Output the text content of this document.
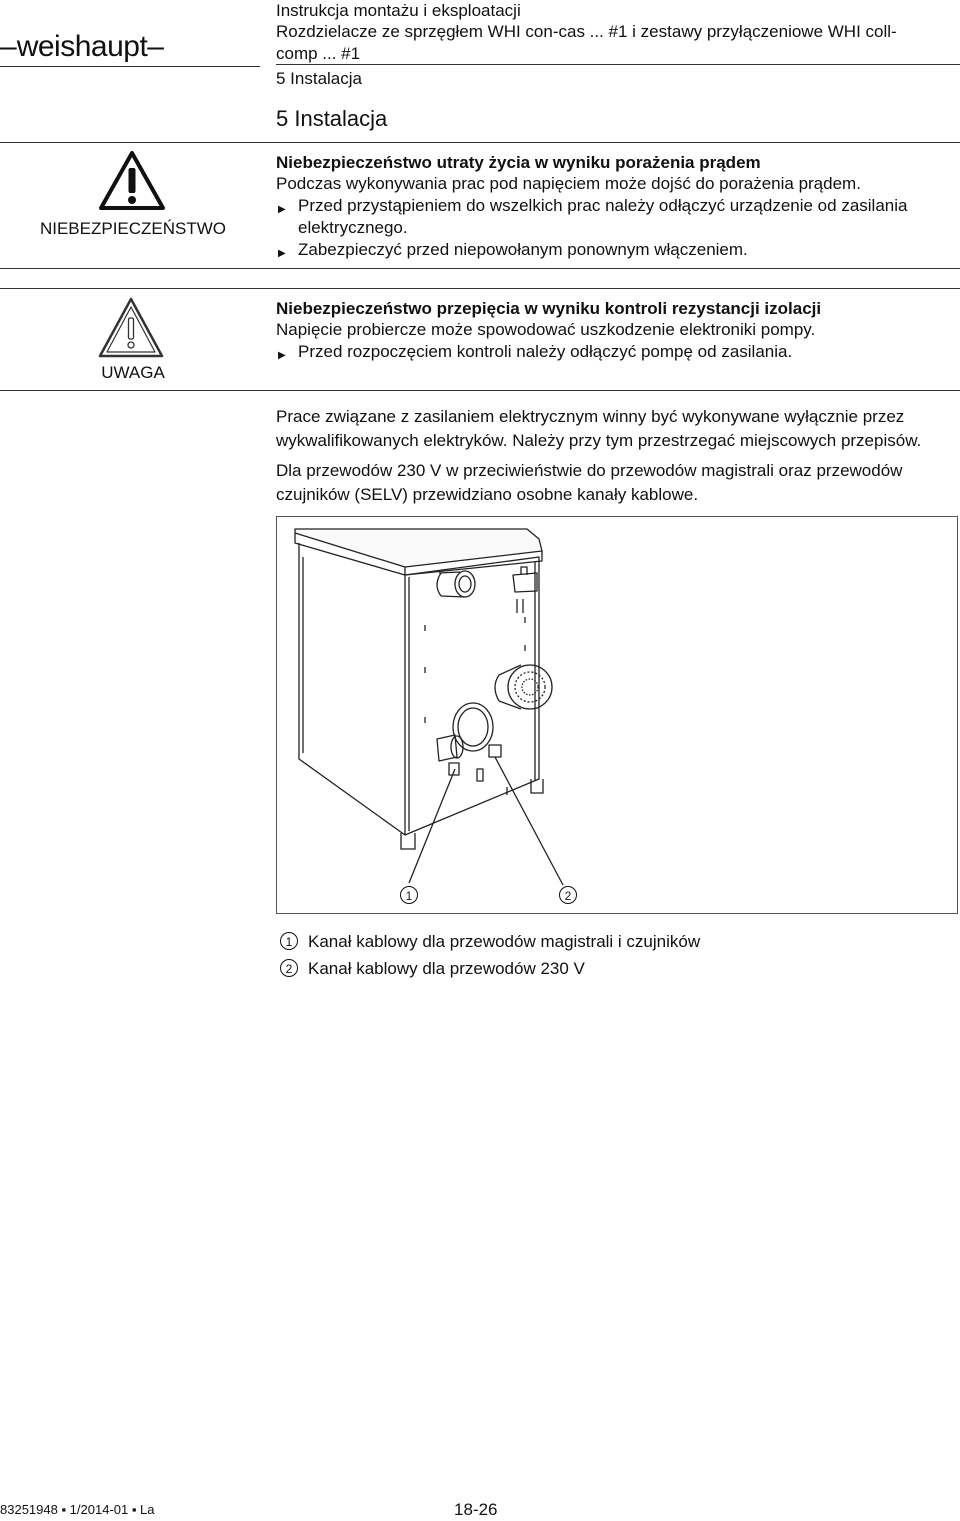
–weishaupt–
Instrukcja montażu i eksploatacji
Rozdzielacze ze sprzęgłem WHI con-cas ... #1 i zestawy przyłączeniowe WHI coll-
comp ... #1
5 Instalacja
5 Instalacja
NIEBEZPIECZEŃSTWO
Niebezpieczeństwo utraty życia w wyniku porażenia prądem
Podczas wykonywania prac pod napięciem może dojść do porażenia prądem.
▶ Przed przystąpieniem do wszelkich prac należy odłączyć urządzenie od zasilania elektrycznego.
▶ Zabezpieczyć przed niepowołanym ponownym włączeniem.
UWAGA
Niebezpieczeństwo przepięcia w wyniku kontroli rezystancji izolacji
Napięcie probiercze może spowodować uszkodzenie elektroniki pompy.
▶ Przed rozpoczęciem kontroli należy odłączyć pompę od zasilania.
Prace związane z zasilaniem elektrycznym winny być wykonywane wyłącznie przez wykwalifikowanych elektryków. Należy przy tym przestrzegać miejscowych przepisów.
Dla przewodów 230 V w przeciwieństwie do przewodów magistrali oraz przewodów czujników (SELV) przewidziano osobne kanały kablowe.
1	2
1 Kanał kablowy dla przewodów magistrali i czujników
2 Kanał kablowy dla przewodów 230 V
83251948 ▪ 1/2014-01 ▪ La	18-26
